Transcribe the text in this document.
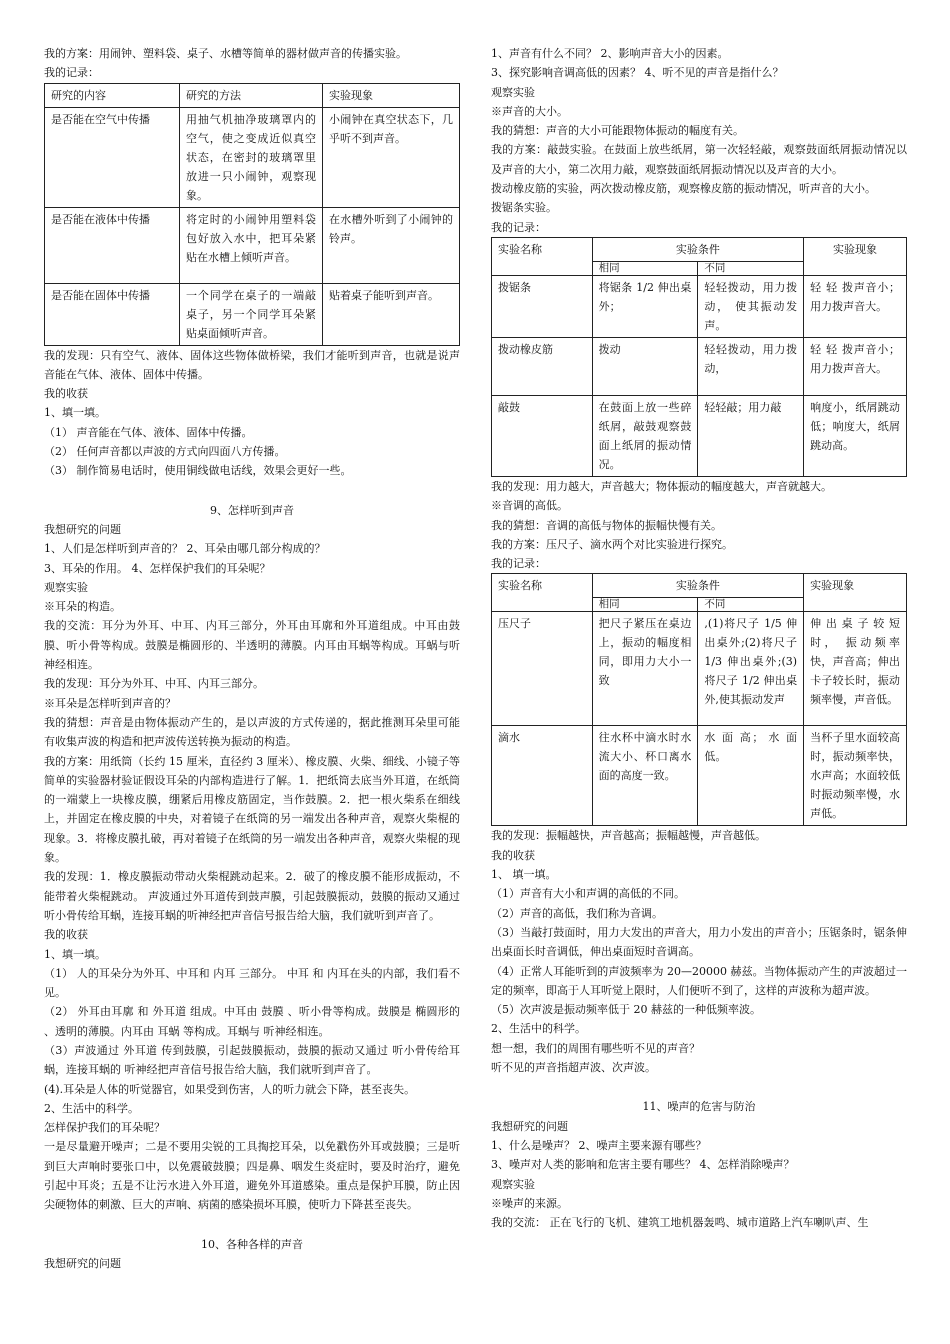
我的方案：用闹钟、塑料袋、桌子、水槽等简单的器材做声音的传播实验。

我的记录：

研究的内容	研究的方法	实验现象
是否能在空气中传播	用抽气机抽净玻璃罩内的空气，使之变成近似真空状态，在密封的玻璃罩里放进一只小闹钟，观察现象。	小闹钟在真空状态下，几乎听不到声音。
是否能在液体中传播	将定时的小闹钟用塑料袋包好放入水中，把耳朵紧贴在水槽上倾听声音。	在水槽外听到了小闹钟的铃声。
是否能在固体中传播	一个同学在桌子的一端敲桌子，另一个同学耳朵紧贴桌面倾听声音。	贴着桌子能听到声音。

我的发现：只有空气、液体、固体这些物体做桥梁，我们才能听到声音，也就是说声音能在气体、液体、固体中传播。

我的收获

1、填一填。

（1） 声音能在气体、液体、固体中传播。

（2） 任何声音都以声波的方式向四面八方传播。

（3） 制作简易电话时，使用铜线做电话线，效果会更好一些。

9、怎样听到声音

我想研究的问题

1、人们是怎样听到声音的？ 2、耳朵由哪几部分构成的？

3、耳朵的作用。 4、怎样保护我们的耳朵呢？

观察实验

※耳朵的构造。

我的交流：耳分为外耳、中耳、内耳三部分，外耳由耳廓和外耳道组成。中耳由鼓膜、听小骨等构成。鼓膜是椭圆形的、半透明的薄膜。内耳由耳蜗等构成。耳蜗与听神经相连。

我的发现：耳分为外耳、中耳、内耳三部分。

※耳朵是怎样听到声音的？

我的猜想：声音是由物体振动产生的，是以声波的方式传递的，据此推测耳朵里可能有收集声波的构造和把声波传送转换为振动的构造。

我的方案：用纸筒（长约 15 厘米，直径约 3 厘米）、橡皮膜、火柴、细线、小镜子等简单的实验器材验证假设耳朵的内部构造进行了解。1．把纸筒去底当外耳道，在纸筒的一端蒙上一块橡皮膜，绷紧后用橡皮筋固定，当作鼓膜。2．把一根火柴系在细线上，并固定在橡皮膜的中央，对着镜子在纸筒的另一端发出各种声音，观察火柴棍的现象。3．将橡皮膜扎破，再对着镜子在纸筒的另一端发出各种声音，观察火柴棍的现象。

我的发现：1．橡皮膜振动带动火柴棍跳动起来。2．破了的橡皮膜不能形成振动，不能带着火柴棍跳动。 声波通过外耳道传到鼓声膜，引起鼓膜振动，鼓膜的振动又通过听小骨传给耳蜗，连接耳蜗的听神经把声音信号报告给大脑，我们就听到声音了。

我的收获

1、填一填。

（1） 人的耳朵分为外耳、中耳和 内耳 三部分。 中耳 和 内耳在头的内部，我们看不见。

（2） 外耳由耳廓 和 外耳道 组成。中耳由 鼓膜 、听小骨等构成。鼓膜是 椭圆形的 、透明的薄膜。内耳由 耳蜗 等构成。耳蜗与 听神经相连。

（3）声波通过 外耳道 传到鼓膜，引起鼓膜振动，鼓膜的振动又通过 听小骨传给耳蜗，连接耳蜗的 听神经把声音信号报告给大脑，我们就听到声音了。

(4).耳朵是人体的听觉器官，如果受到伤害，人的听力就会下降，甚至丧失。

2、生活中的科学。

怎样保护我们的耳朵呢？

一是尽量避开噪声；二是不要用尖锐的工具掏挖耳朵，以免戳伤外耳或鼓膜；三是听到巨大声响时要张口中，以免震破鼓膜；四是鼻、咽发生炎症时，要及时治疗，避免引起中耳炎；五是不让污水进入外耳道，避免外耳道感染。重点是保护耳膜，防止因尖硬物体的刺激、巨大的声响、病菌的感染损坏耳膜，使听力下降甚至丧失。

10、各种各样的声音

我想研究的问题

1、声音有什么不同？ 2、影响声音大小的因素。

3、探究影响音调高低的因素？ 4、听不见的声音是指什么？

观察实验

※声音的大小。

我的猜想：声音的大小可能跟物体振动的幅度有关。

我的方案：敲鼓实验。在鼓面上放些纸屑，第一次轻轻敲，观察鼓面纸屑振动情况以及声音的大小，第二次用力敲，观察鼓面纸屑振动情况以及声音的大小。

拨动橡皮筋的实验，两次拨动橡皮筋，观察橡皮筋的振动情况，听声音的大小。

拨锯条实验。

我的记录：

实验名称	实验条件		实验现象
	相同	不同	
拨锯条	将锯条 1/2 伸出桌外；	轻轻拨动，用力拨动， 使其振动发声。	轻 轻 拨声音小；用力拨声音大。
拨动橡皮筋	拨动	轻轻拨动，用力拨动，	轻 轻 拨声音小；用力拨声音大。
敲鼓	在鼓面上放一些碎纸屑，敲鼓观察鼓面上纸屑的振动情况。	轻轻敲；用力敲	响度小，纸屑跳动低；响度大，纸屑跳动高。

我的发现：用力越大，声音越大；物体振动的幅度越大，声音就越大。

※音调的高低。

我的猜想：音调的高低与物体的振幅快慢有关。

我的方案：压尺子、滴水两个对比实验进行探究。

我的记录：

实验名称	实验条件		实验现象
	相同	不同	
压尺子	把尺子紧压在桌边上，振动的幅度相同，即用力大小一致	,(1)将尺子 1/5 伸出桌外;(2)将尺子 1/3 伸出桌外;(3)将尺子 1/2 伸出桌外,使其振动发声	伸 出 桌 子 较 短时， 振动频率快，声音高；伸出卡子较长时，振动频率慢，声音低。
滴水	往水杯中滴水时水流大小、杯口离水面的高度一致。	水 面 高； 水 面低。	当杯子里水面较高时，振动频率快，水声高；水面较低时振动频率慢，水声低。

我的发现：振幅越快，声音越高；振幅越慢，声音越低。

我的收获

1、 填一填。

（1）声音有大小和声调的高低的不同。

（2）声音的高低，我们称为音调。

（3）当敲打鼓面时，用力大发出的声音大，用力小发出的声音小；压锯条时，锯条伸出桌面长时音调低，伸出桌面短时音调高。

（4）正常人耳能听到的声波频率为 20—20000 赫兹。当物体振动产生的声波超过一定的频率，即高于人耳听觉上限时，人们便听不到了，这样的声波称为超声波。

（5）次声波是振动频率低于 20 赫兹的一种低频率波。

2、生活中的科学。

想一想，我们的周围有哪些听不见的声音？

听不见的声音指超声波、次声波。

11、噪声的危害与防治

我想研究的问题

1、什么是噪声？ 2、噪声主要来源有哪些？

3、噪声对人类的影响和危害主要有哪些？ 4、怎样消除噪声？

观察实验

※噪声的来源。

我的交流： 正在飞行的飞机、建筑工地机器轰鸣、城市道路上汽车喇叭声、生
